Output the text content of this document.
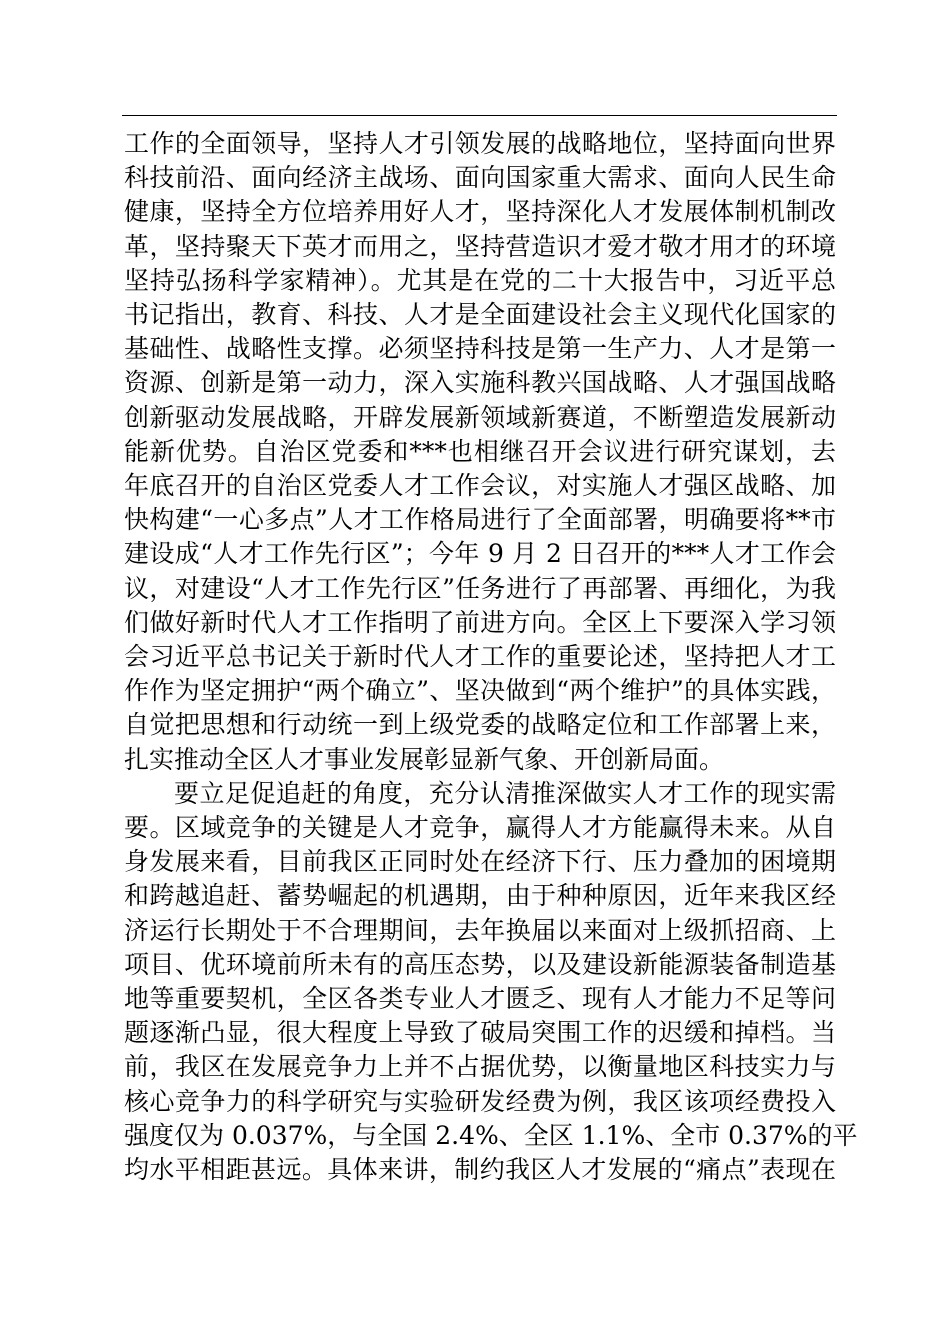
工作的全面领导，坚持人才引领发展的战略地位，坚持面向世界
科技前沿、面向经济主战场、面向国家重大需求、面向人民生命
健康，坚持全方位培养用好人才，坚持深化人才发展体制机制改
革，坚持聚天下英才而用之，坚持营造识才爱才敬才用才的环境
坚持弘扬科学家精神）。尤其是在党的二十大报告中，习近平总
书记指出，教育、科技、人才是全面建设社会主义现代化国家的
基础性、战略性支撑。必须坚持科技是第一生产力、人才是第一
资源、创新是第一动力，深入实施科教兴国战略、人才强国战略
创新驱动发展战略，开辟发展新领域新赛道，不断塑造发展新动
能新优势。自治区党委和***也相继召开会议进行研究谋划，去
年底召开的自治区党委人才工作会议，对实施人才强区战略、加
快构建“一心多点”人才工作格局进行了全面部署，明确要将**市
建设成“人才工作先行区”；今年 9 月 2 日召开的***人才工作会
议，对建设“人才工作先行区”任务进行了再部署、再细化，为我
们做好新时代人才工作指明了前进方向。全区上下要深入学习领
会习近平总书记关于新时代人才工作的重要论述，坚持把人才工
作作为坚定拥护“两个确立”、坚决做到“两个维护”的具体实践，
自觉把思想和行动统一到上级党委的战略定位和工作部署上来，
扎实推动全区人才事业发展彰显新气象、开创新局面。
要立足促追赶的角度，充分认清推深做实人才工作的现实需
要。区域竞争的关键是人才竞争，赢得人才方能赢得未来。从自
身发展来看，目前我区正同时处在经济下行、压力叠加的困境期
和跨越追赶、蓄势崛起的机遇期，由于种种原因，近年来我区经
济运行长期处于不合理期间，去年换届以来面对上级抓招商、上
项目、优环境前所未有的高压态势，以及建设新能源装备制造基
地等重要契机，全区各类专业人才匮乏、现有人才能力不足等问
题逐渐凸显，很大程度上导致了破局突围工作的迟缓和掉档。当
前，我区在发展竞争力上并不占据优势，以衡量地区科技实力与
核心竞争力的科学研究与实验研发经费为例，我区该项经费投入
强度仅为 0.037%，与全国 2.4%、全区 1.1%、全市 0.37%的平
均水平相距甚远。具体来讲，制约我区人才发展的“痛点”表现在
